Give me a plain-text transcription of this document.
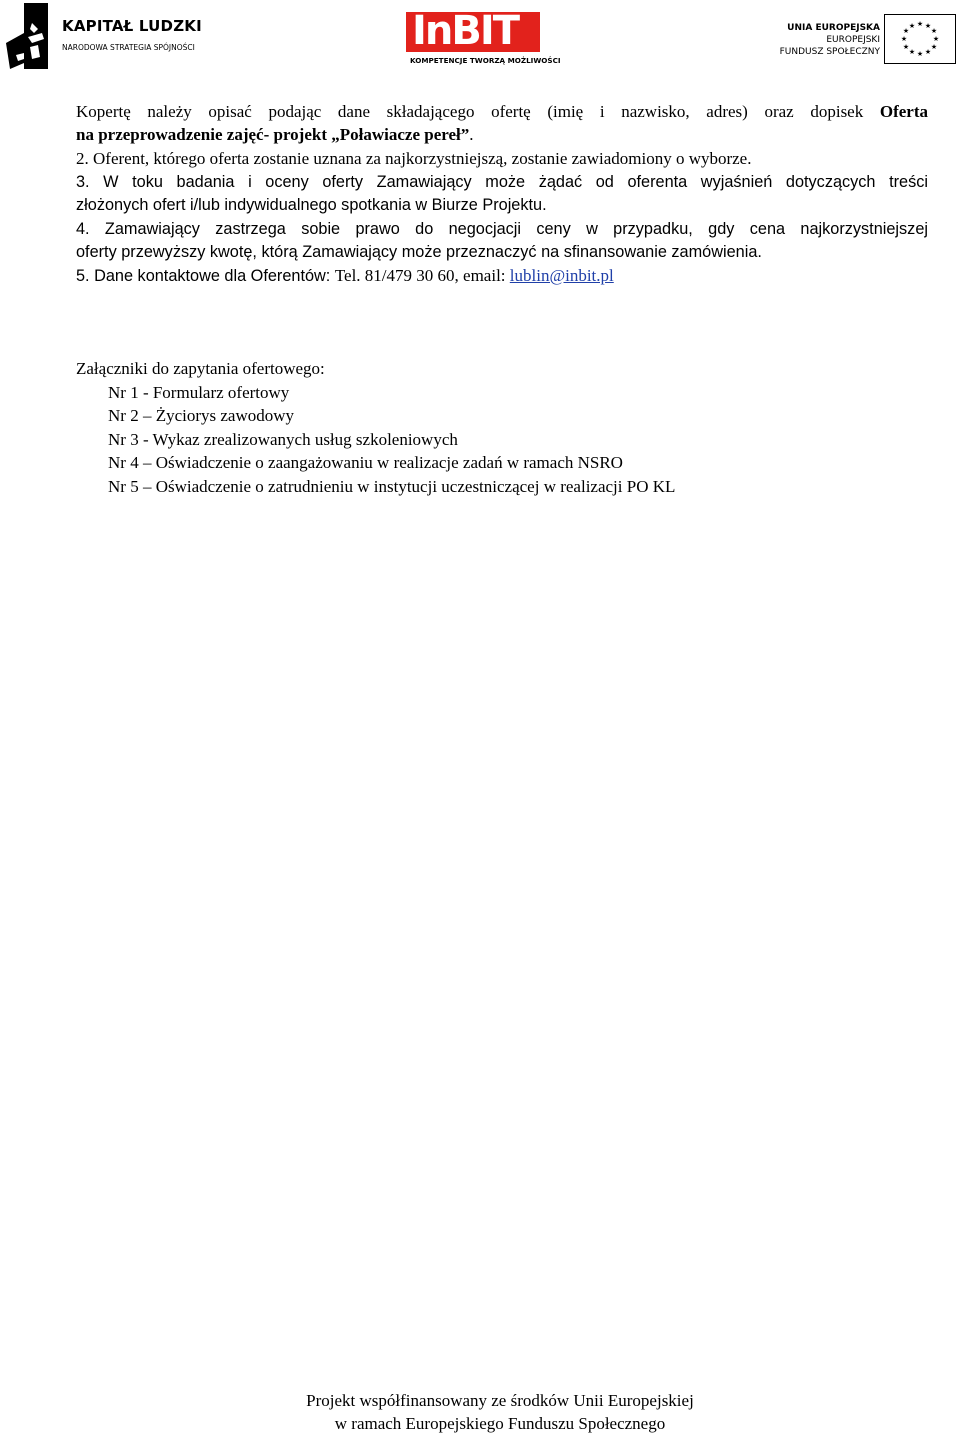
KAPITAŁ LUDZKI
NARODOWA STRATEGIA SPÓJNOŚCI	InBIT
KOMPETENCJE TWORZĄ MOŻLIWOŚCI
UNIA EUROPEJSKA
EUROPEJSKI
FUNDUSZ SPOŁECZNY
★ ★
★
★
★
★
★
★
★
★
★
★
Kopertę należy opisać podając dane składającego ofertę (imię i nazwisko, adres) oraz dopisek Oferta
na przeprowadzenie zajęć- projekt „Poławiacze pereł”.
2. Oferent, którego oferta zostanie uznana za najkorzystniejszą, zostanie zawiadomiony o wyborze.
3. W toku badania i oceny oferty Zamawiający może żądać od oferenta wyjaśnień dotyczących treści
złożonych ofert i/lub indywidualnego spotkania w Biurze Projektu.
4. Zamawiający zastrzega sobie prawo do negocjacji ceny w przypadku, gdy cena najkorzystniejszej
oferty przewyższy kwotę, którą Zamawiający może przeznaczyć na sfinansowanie zamówienia.
5. Dane kontaktowe dla Oferentów: Tel. 81/479 30 60, email: lublin@inbit.pl
Załączniki do zapytania ofertowego:
Nr 1 - Formularz ofertowy
Nr 2 – Życiorys zawodowy
Nr 3 - Wykaz zrealizowanych usług szkoleniowych
Nr 4 – Oświadczenie o zaangażowaniu w realizacje zadań w ramach NSRO
Nr 5 – Oświadczenie o zatrudnieniu w instytucji uczestniczącej w realizacji PO KL
Projekt współfinansowany ze środków Unii Europejskiej
w ramach Europejskiego Funduszu Społecznego
